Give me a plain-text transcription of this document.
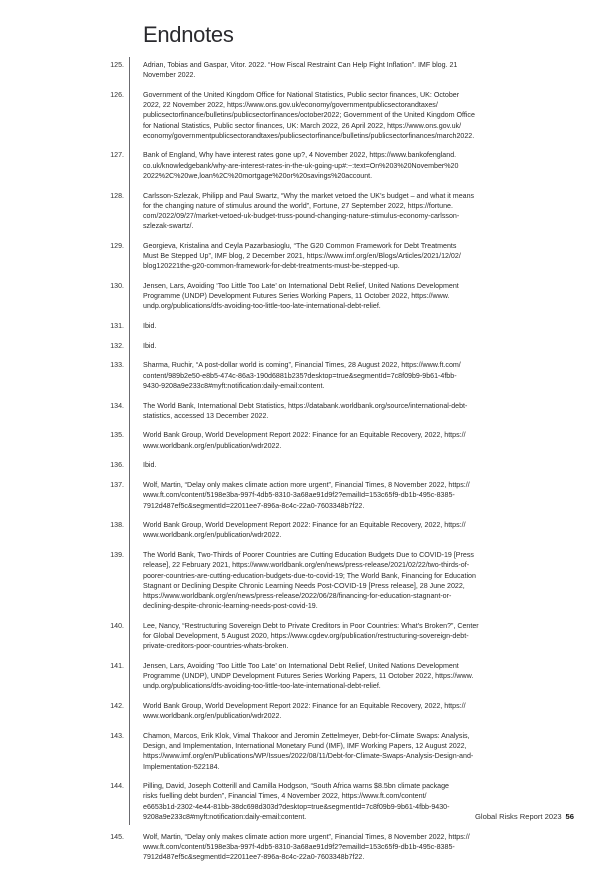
Endnotes
125.	Adrian, Tobias and Gaspar, Vitor. 2022. “How Fiscal Restraint Can Help Fight Inflation”. IMF blog. 21
November 2022.
126.	Government of the United Kingdom Office for National Statistics, Public sector finances, UK: October
2022, 22 November 2022, https://www.ons.gov.uk/economy/governmentpublicsectorandtaxes/
publicsectorfinance/bulletins/publicsectorfinances/october2022; Government of the United Kingdom Office
for National Statistics, Public sector finances, UK: March 2022, 26 April 2022, https://www.ons.gov.uk/
economy/governmentpublicsectorandtaxes/publicsectorfinance/bulletins/publicsectorfinances/march2022.
127.	Bank of England, Why have interest rates gone up?, 4 November 2022, https://www.bankofengland.
co.uk/knowledgebank/why-are-interest-rates-in-the-uk-going-up#:~:text=On%203%20November%20
2022%2C%20we,loan%2C%20mortgage%20or%20savings%20account.
128.	Carlsson-Szlezak, Philipp and Paul Swartz, “Why the market vetoed the UK’s budget – and what it means
for the changing nature of stimulus around the world”, Fortune, 27 September 2022, https://fortune.
com/2022/09/27/market-vetoed-uk-budget-truss-pound-changing-nature-stimulus-economy-carlsson-
szlezak-swartz/.
129.	Georgieva, Kristalina and Ceyla Pazarbasioglu, “The G20 Common Framework for Debt Treatments
Must Be Stepped Up”, IMF blog, 2 December 2021, https://www.imf.org/en/Blogs/Articles/2021/12/02/
blog120221the-g20-common-framework-for-debt-treatments-must-be-stepped-up.
130.	Jensen, Lars, Avoiding ‘Too Little Too Late’ on International Debt Relief, United Nations Development
Programme (UNDP) Development Futures Series Working Papers, 11 October 2022, https://www.
undp.org/publications/dfs-avoiding-too-little-too-late-international-debt-relief.
131.	Ibid.
132.	Ibid.
133.	Sharma, Ruchir, “A post-dollar world is coming”, Financial Times, 28 August 2022, https://www.ft.com/
content/989b2e50-e8b5-474c-86a3-190d6881b235?desktop=true&segmentId=7c8f09b9-9b61-4fbb-
9430-9208a9e233c8#myft:notification:daily-email:content.
134.	The World Bank, International Debt Statistics, https://databank.worldbank.org/source/international-debt-
statistics, accessed 13 December 2022.
135.	World Bank Group, World Development Report 2022: Finance for an Equitable Recovery, 2022, https://
www.worldbank.org/en/publication/wdr2022.
136.	Ibid.
137.	Wolf, Martin, “Delay only makes climate action more urgent”, Financial Times, 8 November 2022, https://
www.ft.com/content/5198e3ba-997f-4db5-8310-3a68ae91d9f2?emailId=153c65f9-db1b-495c-8385-
7912d487ef5c&segmentId=22011ee7-896a-8c4c-22a0-7603348b7f22.
138.	World Bank Group, World Development Report 2022: Finance for an Equitable Recovery, 2022, https://
www.worldbank.org/en/publication/wdr2022.
139.	The World Bank, Two-Thirds of Poorer Countries are Cutting Education Budgets Due to COVID-19 [Press
release], 22 February 2021, https://www.worldbank.org/en/news/press-release/2021/02/22/two-thirds-of-
poorer-countries-are-cutting-education-budgets-due-to-covid-19; The World Bank, Financing for Education
Stagnant or Declining Despite Chronic Learning Needs Post-COVID-19 [Press release], 28 June 2022,
https://www.worldbank.org/en/news/press-release/2022/06/28/financing-for-education-stagnant-or-
declining-despite-chronic-learning-needs-post-covid-19.
140.	Lee, Nancy, “Restructuring Sovereign Debt to Private Creditors in Poor Countries: What’s Broken?”, Center
for Global Development, 5 August 2020, https://www.cgdev.org/publication/restructuring-sovereign-debt-
private-creditors-poor-countries-whats-broken.
141.	Jensen, Lars, Avoiding ‘Too Little Too Late’ on International Debt Relief, United Nations Development
Programme (UNDP), UNDP Development Futures Series Working Papers, 11 October 2022, https://www.
undp.org/publications/dfs-avoiding-too-little-too-late-international-debt-relief.
142.	World Bank Group, World Development Report 2022: Finance for an Equitable Recovery, 2022, https://
www.worldbank.org/en/publication/wdr2022.
143.	Chamon, Marcos, Erik Klok, Vimal Thakoor and Jeromin Zettelmeyer, Debt-for-Climate Swaps: Analysis,
Design, and Implementation, International Monetary Fund (IMF), IMF Working Papers, 12 August 2022,
https://www.imf.org/en/Publications/WP/Issues/2022/08/11/Debt-for-Climate-Swaps-Analysis-Design-and-
Implementation-522184.
144.	Pilling, David, Joseph Cotterill and Camilla Hodgson, “South Africa warns $8.5bn climate package
risks fuelling debt burden”, Financial Times, 4 November 2022, https://www.ft.com/content/
e6653b1d-2302-4e44-81bb-38dc698d303d?desktop=true&segmentId=7c8f09b9-9b61-4fbb-9430-
9208a9e233c8#myft:notification:daily-email:content.
145.	Wolf, Martin, “Delay only makes climate action more urgent”, Financial Times, 8 November 2022, https://
www.ft.com/content/5198e3ba-997f-4db5-8310-3a68ae91d9f2?emailId=153c65f9-db1b-495c-8385-
7912d487ef5c&segmentId=22011ee7-896a-8c4c-22a0-7603348b7f22.
Global Risks Report 2023 56
